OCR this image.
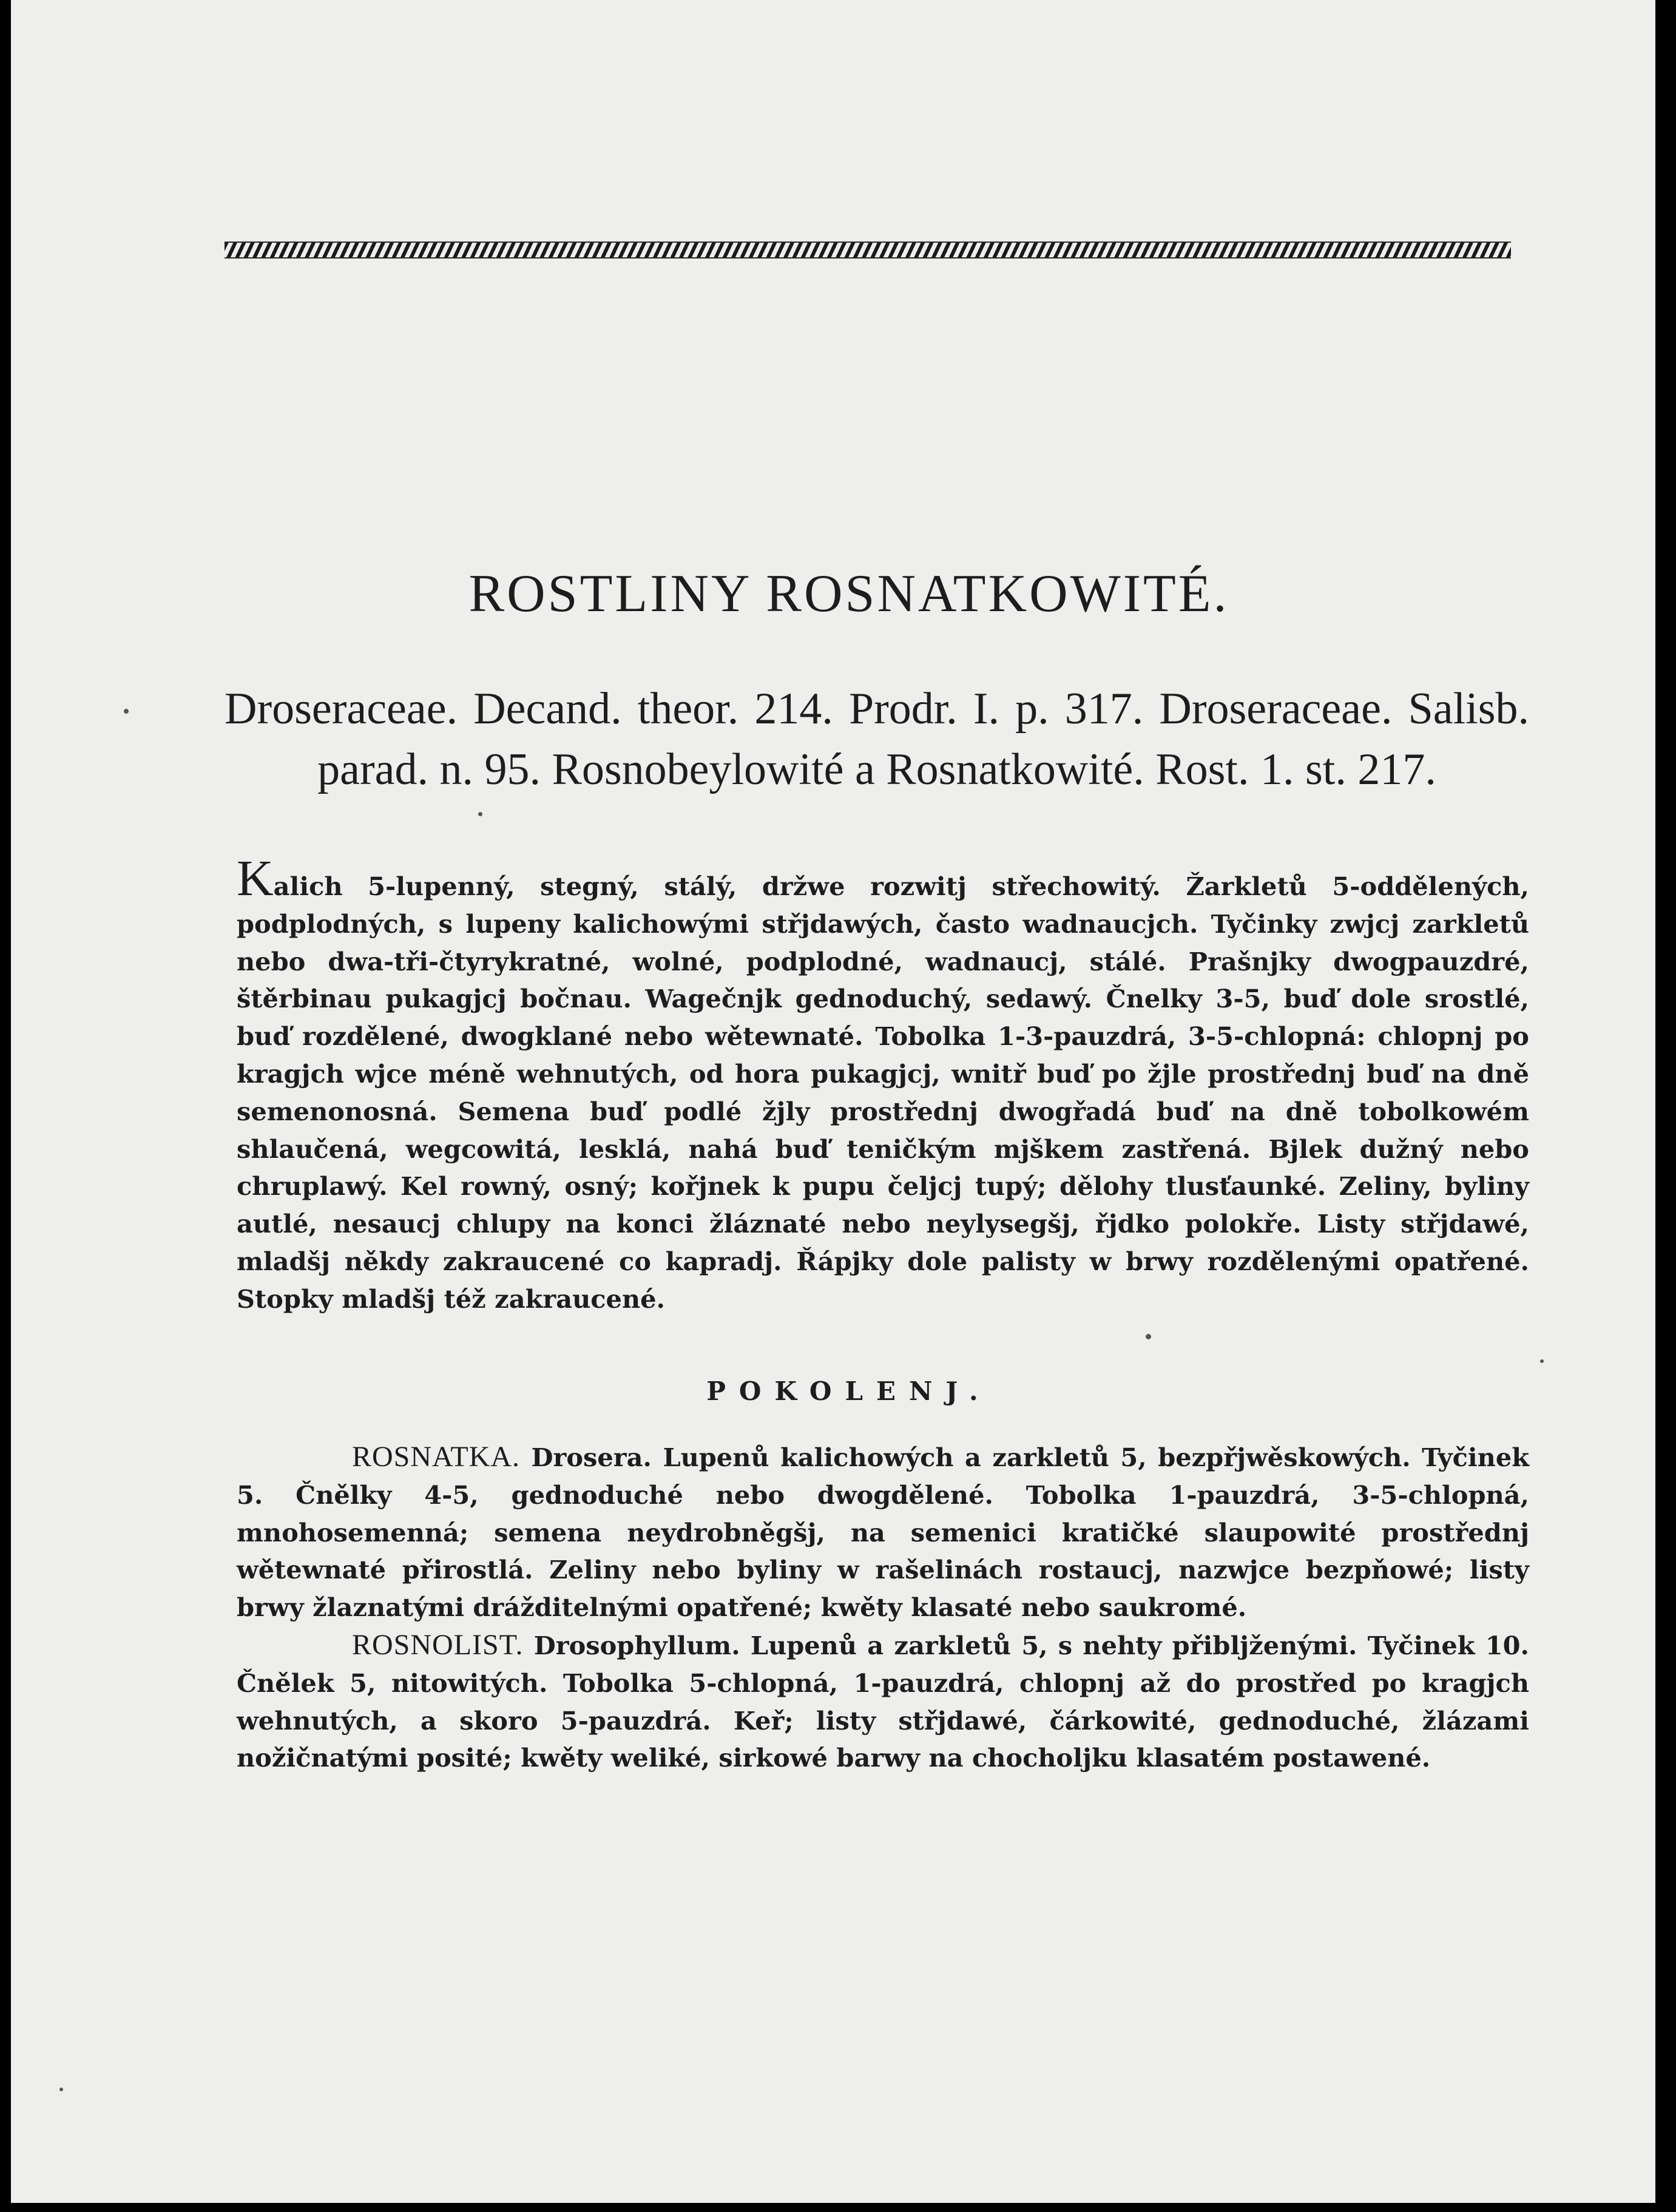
ROSTLINY ROSNATKOWITÉ.

Droseraceae. Decand. theor. 214. Prodr. I. p. 317. Droseraceae. Salisb. parad. n. 95. Rosnobeylowité a Rosnatkowité. Rost. 1. st. 217.

Kalich 5-lupenný, stegný, stálý, držwe rozwitj střechowitý. Žarkletů 5-oddělených, podplodných, s lupeny kalichowými střjdawých, často wadnaucjch. Tyčinky zwjcj zarkletů nebo dwa-tři-čtyrykratné, wolné, podplodné, wadnaucj, stálé. Prašnjky dwogpauzdré, štěrbinau pukagjcj bočnau. Wagečnjk gednoduchý, sedawý. Čnelky 3-5, buď dole srostlé, buď rozdělené, dwogklané nebo wětewnaté. Tobolka 1-3-pauzdrá, 3-5-chlopná: chlopnj po kragjch wjce méně wehnutých, od hora pukagjcj, wnitř buď po žjle prostřednj buď na dně semenonosná. Semena buď podlé žjly prostřednj dwogřadá buď na dně tobolkowém shlaučená, wegcowitá, lesklá, nahá buď teničkým mjškem zastřená. Bjlek dužný nebo chruplawý. Kel rowný, osný; kořjnek k pupu čeljcj tupý; dělohy tlusťaunké. Zeliny, byliny autlé, nesaucj chlupy na konci žláznaté nebo neylysegšj, řjdko polokře. Listy střjdawé, mladšj někdy zakraucené co kapradj. Řápjky dole palisty w brwy rozdělenými opatřené. Stopky mladšj též zakraucené.

POKOLENJ.

ROSNATKA. Drosera. Lupenů kalichowých a zarkletů 5, bezpřjwěskowých. Tyčinek 5. Čnělky 4-5, gednoduché nebo dwogdělené. Tobolka 1-pauzdrá, 3-5-chlopná, mnohosemenná; semena neydrobněgšj, na semenici kratičké slaupowité prostřednj wětewnaté přirostlá. Zeliny nebo byliny w rašelinách rostaucj, nazwjce bezpňowé; listy brwy žlaznatými drážditelnými opatřené; kwěty klasaté nebo saukromé.

ROSNOLIST. Drosophyllum. Lupenů a zarkletů 5, s nehty přibljženými. Tyčinek 10. Čnělek 5, nitowitých. Tobolka 5-chlopná, 1-pauzdrá, chlopnj až do prostřed po kragjch wehnutých, a skoro 5-pauzdrá. Keř; listy střjdawé, čárkowité, gednoduché, žlázami nožičnatými posité; kwěty weliké, sirkowé barwy na chocholjku klasatém postawené.
